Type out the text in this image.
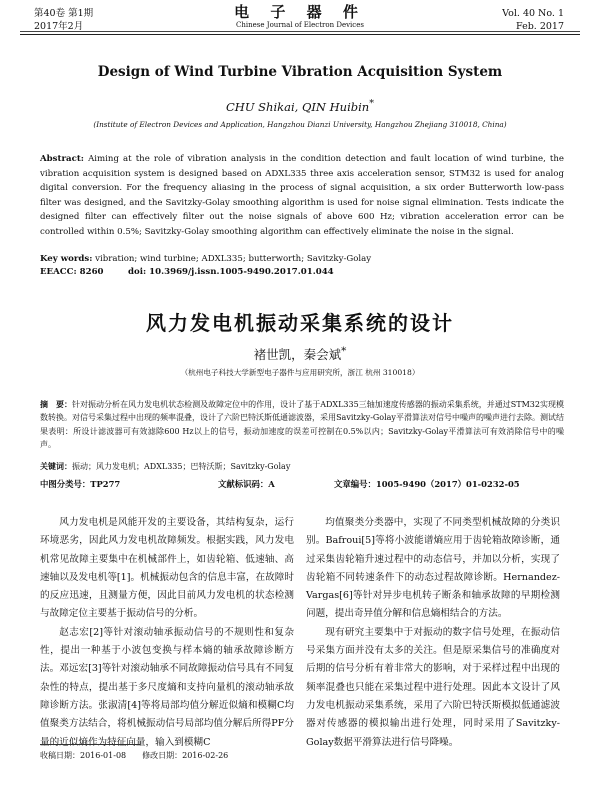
第40卷 第1期
2017年2月
电 子 器 件
Chinese Journal of Electron Devices
Vol. 40 No. 1
Feb. 2017
Design of Wind Turbine Vibration Acquisition System
CHU Shikai, QIN Huibin*
(Institute of Electron Devices and Application, Hangzhou Dianzi University, Hangzhou Zhejiang 310018, China)
Abstract: Aiming at the role of vibration analysis in the condition detection and fault location of wind turbine, the vibration acquisition system is designed based on ADXL335 three axis acceleration sensor, STM32 is used for analog digital conversion. For the frequency aliasing in the process of signal acquisition, a six order Butterworth low-pass filter was designed, and the Savitzky-Golay smoothing algorithm is used for noise signal elimination. Tests indicate the designed filter can effectively filter out the noise signals of above 600 Hz; vibration acceleration error can be controlled within 0.5%; Savitzky-Golay smoothing algorithm can effectively eliminate the noise in the signal.
Key words: vibration; wind turbine; ADXL335; butterworth; Savitzky-Golay
EEACC: 8260	doi: 10.3969/j.issn.1005-9490.2017.01.044
风力发电机振动采集系统的设计
褚世凯，秦会斌*
（杭州电子科技大学新型电子器件与应用研究所，浙江 杭州 310018）
摘　要：针对振动分析在风力发电机状态检测及故障定位中的作用，设计了基于ADXL335三轴加速度传感器的振动采集系统，并通过STM32实现模数转换。对信号采集过程中出现的频率混叠，设计了六阶巴特沃斯低通滤波器，采用Savitzky-Golay平滑算法对信号中噪声的噪声进行去除。测试结果表明：所设计滤波器可有效滤除600 Hz以上的信号，振动加速度的误差可控制在0.5%以内；Savitzky-Golay平滑算法可有效消除信号中的噪声。
关键词：振动；风力发电机；ADXL335；巴特沃斯；Savitzky-Golay
中图分类号：TP277	文献标识码：A	文章编号：1005-9490（2017）01-0232-05

风力发电机是风能开发的主要设备，其结构复杂，运行环境恶劣，因此风力发电机故障频发。根据实践，风力发电机常见故障主要集中在机械部件上，如齿轮箱、低速轴、高速轴以及发电机等[1]。机械振动包含的信息丰富，在故障时的反应迅速，且测量方便，因此目前风力发电机的状态检测与故障定位主要基于振动信号的分析。

赵志宏[2]等针对滚动轴承振动信号的不规则性和复杂性，提出一种基于小波包变换与样本熵的轴承故障诊断方法。邓远宏[3]等针对滚动轴承不同故障振动信号具有不同复杂性的特点，提出基于多尺度熵和支持向量机的滚动轴承故障诊断方法。张淑清[4]等将局部均值分解近似熵和模糊C均值聚类方法结合，将机械振动信号局部均值分解后所得PF分量的近似熵作为特征向量，输入到模糊C

均值聚类分类器中，实现了不同类型机械故障的分类识别。Bafroui[5]等将小波能谱熵应用于齿轮箱故障诊断，通过采集齿轮箱升速过程中的动态信号，并加以分析，实现了齿轮箱不同转速条件下的动态过程故障诊断。Hernandez-Vargas[6]等针对异步电机转子断条和轴承故障的早期检测问题，提出奇异值分解和信息熵相结合的方法。

现有研究主要集中于对振动的数字信号处理，在振动信号采集方面并没有太多的关注。但是原采集信号的准确度对后期的信号分析有着非常大的影响，对于采样过程中出现的频率混叠也只能在采集过程中进行处理。因此本文设计了风力发电机振动采集系统，采用了六阶巴特沃斯模拟低通滤波器对传感器的模拟输出进行处理，同时采用了Savitzky-Golay数据平滑算法进行信号降噪。

收稿日期：2016-01-08　　修改日期：2016-02-26
